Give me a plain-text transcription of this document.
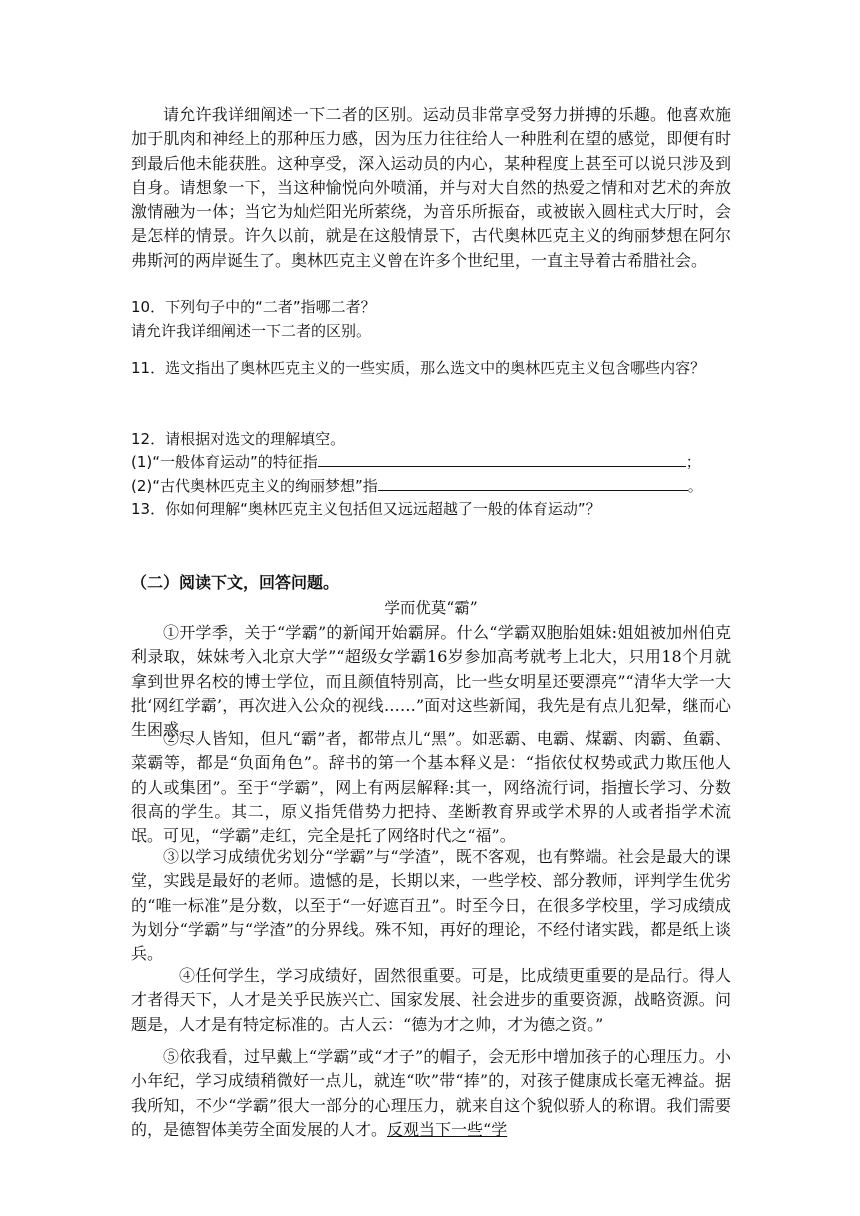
请允许我详细阐述一下二者的区别。运动员非常享受努力拼搏的乐趣。他喜欢施加于肌肉和神经上的那种压力感，因为压力往往给人一种胜利在望的感觉，即便有时到最后他未能获胜。这种享受，深入运动员的内心，某种程度上甚至可以说只涉及到自身。请想象一下，当这种愉悦向外喷涌，并与对大自然的热爱之情和对艺术的奔放激情融为一体；当它为灿烂阳光所萦绕，为音乐所振奋，或被嵌入圆柱式大厅时，会是怎样的情景。许久以前，就是在这般情景下，古代奥林匹克主义的绚丽梦想在阿尔弗斯河的两岸诞生了。奥林匹克主义曾在许多个世纪里，一直主导着古希腊社会。

10．下列句子中的“二者”指哪二者？

请允许我详细阐述一下二者的区别。

11．选文指出了奥林匹克主义的一些实质，那么选文中的奥林匹克主义包含哪些内容？

12．请根据对选文的理解填空。

(1)“一般体育运动”的特征指	；
(2)“古代奥林匹克主义的绚丽梦想”指	。

13．你如何理解“奥林匹克主义包括但又远远超越了一般的体育运动”？

（二）阅读下文，回答问题。

学而优莫“霸”

①开学季，关于“学霸”的新闻开始霸屏。什么“学霸双胞胎姐妹:姐姐被加州伯克利录取，妹妹考入北京大学”“超级女学霸16岁参加高考就考上北大，只用18个月就拿到世界名校的博士学位，而且颜值特别高，比一些女明星还要漂亮”“清华大学一大批‘网红学霸’，再次进入公众的视线……”面对这些新闻，我先是有点儿犯晕，继而心生困惑。

②尽人皆知，但凡“霸”者，都带点儿“黑”。如恶霸、电霸、煤霸、肉霸、鱼霸、菜霸等，都是“负面角色”。辞书的第一个基本释义是：“指依仗权势或武力欺压他人的人或集团”。至于“学霸”，网上有两层解释:其一，网络流行词，指擅长学习、分数很高的学生。其二，原义指凭借势力把持、垄断教育界或学术界的人或者指学术流氓。可见，“学霸”走红，完全是托了网络时代之“福”。

③以学习成绩优劣划分“学霸”与“学渣”，既不客观，也有弊端。社会是最大的课堂，实践是最好的老师。遗憾的是，长期以来，一些学校、部分教师，评判学生优劣的“唯一标准”是分数，以至于“一好遮百丑”。时至今日，在很多学校里，学习成绩成为划分“学霸”与“学渣”的分界线。殊不知，再好的理论，不经付诸实践，都是纸上谈兵。

④任何学生，学习成绩好，固然很重要。可是，比成绩更重要的是品行。得人才者得天下，人才是关乎民族兴亡、国家发展、社会进步的重要资源，战略资源。问题是，人才是有特定标准的。古人云：“德为才之帅，才为德之资。”

⑤依我看，过早戴上“学霸”或“才子”的帽子，会无形中增加孩子的心理压力。小小年纪，学习成绩稍微好一点儿，就连“吹”带“捧”的，对孩子健康成长毫无裨益。据我所知，不少“学霸”很大一部分的心理压力，就来自这个貌似骄人的称谓。我们需要的，是德智体美劳全面发展的人才。反观当下一些“学
